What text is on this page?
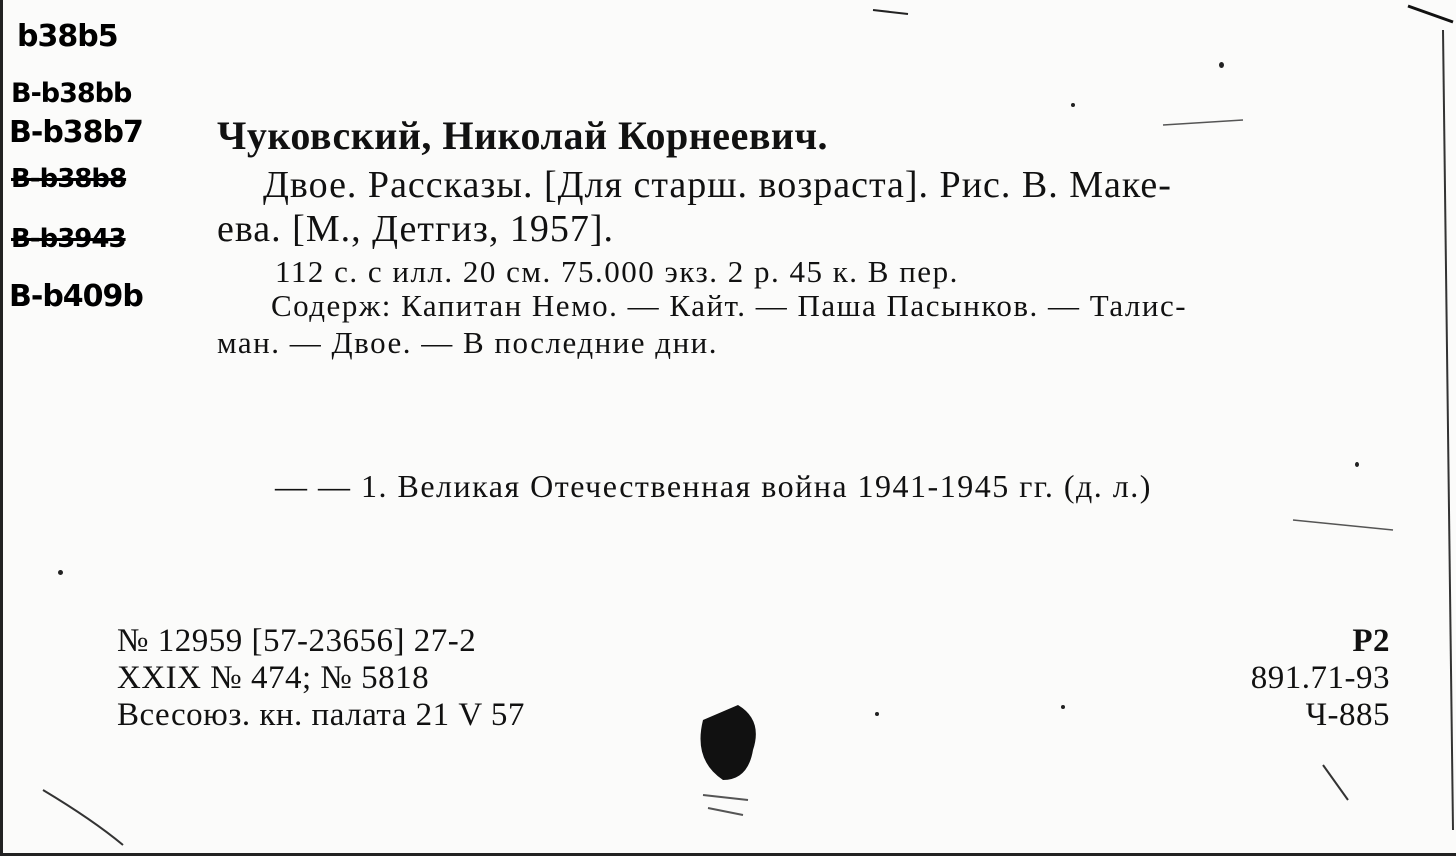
b38b5
B-b38bb
B-b38b7
B-b38b8
B-b3943
B-b409b
Чуковский, Николай Корнеевич.
Двое. Рассказы. [Для старш. возраста]. Рис. В. Маке-
ева. [М., Детгиз, 1957].
112 с. с илл. 20 см. 75.000 экз. 2 р. 45 к. В пер.
Содерж: Капитан Немо. — Кайт. — Паша Пасынков. — Талис-
ман. — Двое. — В последние дни.
— — 1. Великая Отечественная война 1941-1945 гг. (д. л.)
№ 12959 [57-23656] 27-2
XXIX № 474; № 5818
Всесоюз. кн. палата 21 V 57
Р2
891.71-93
Ч-885
